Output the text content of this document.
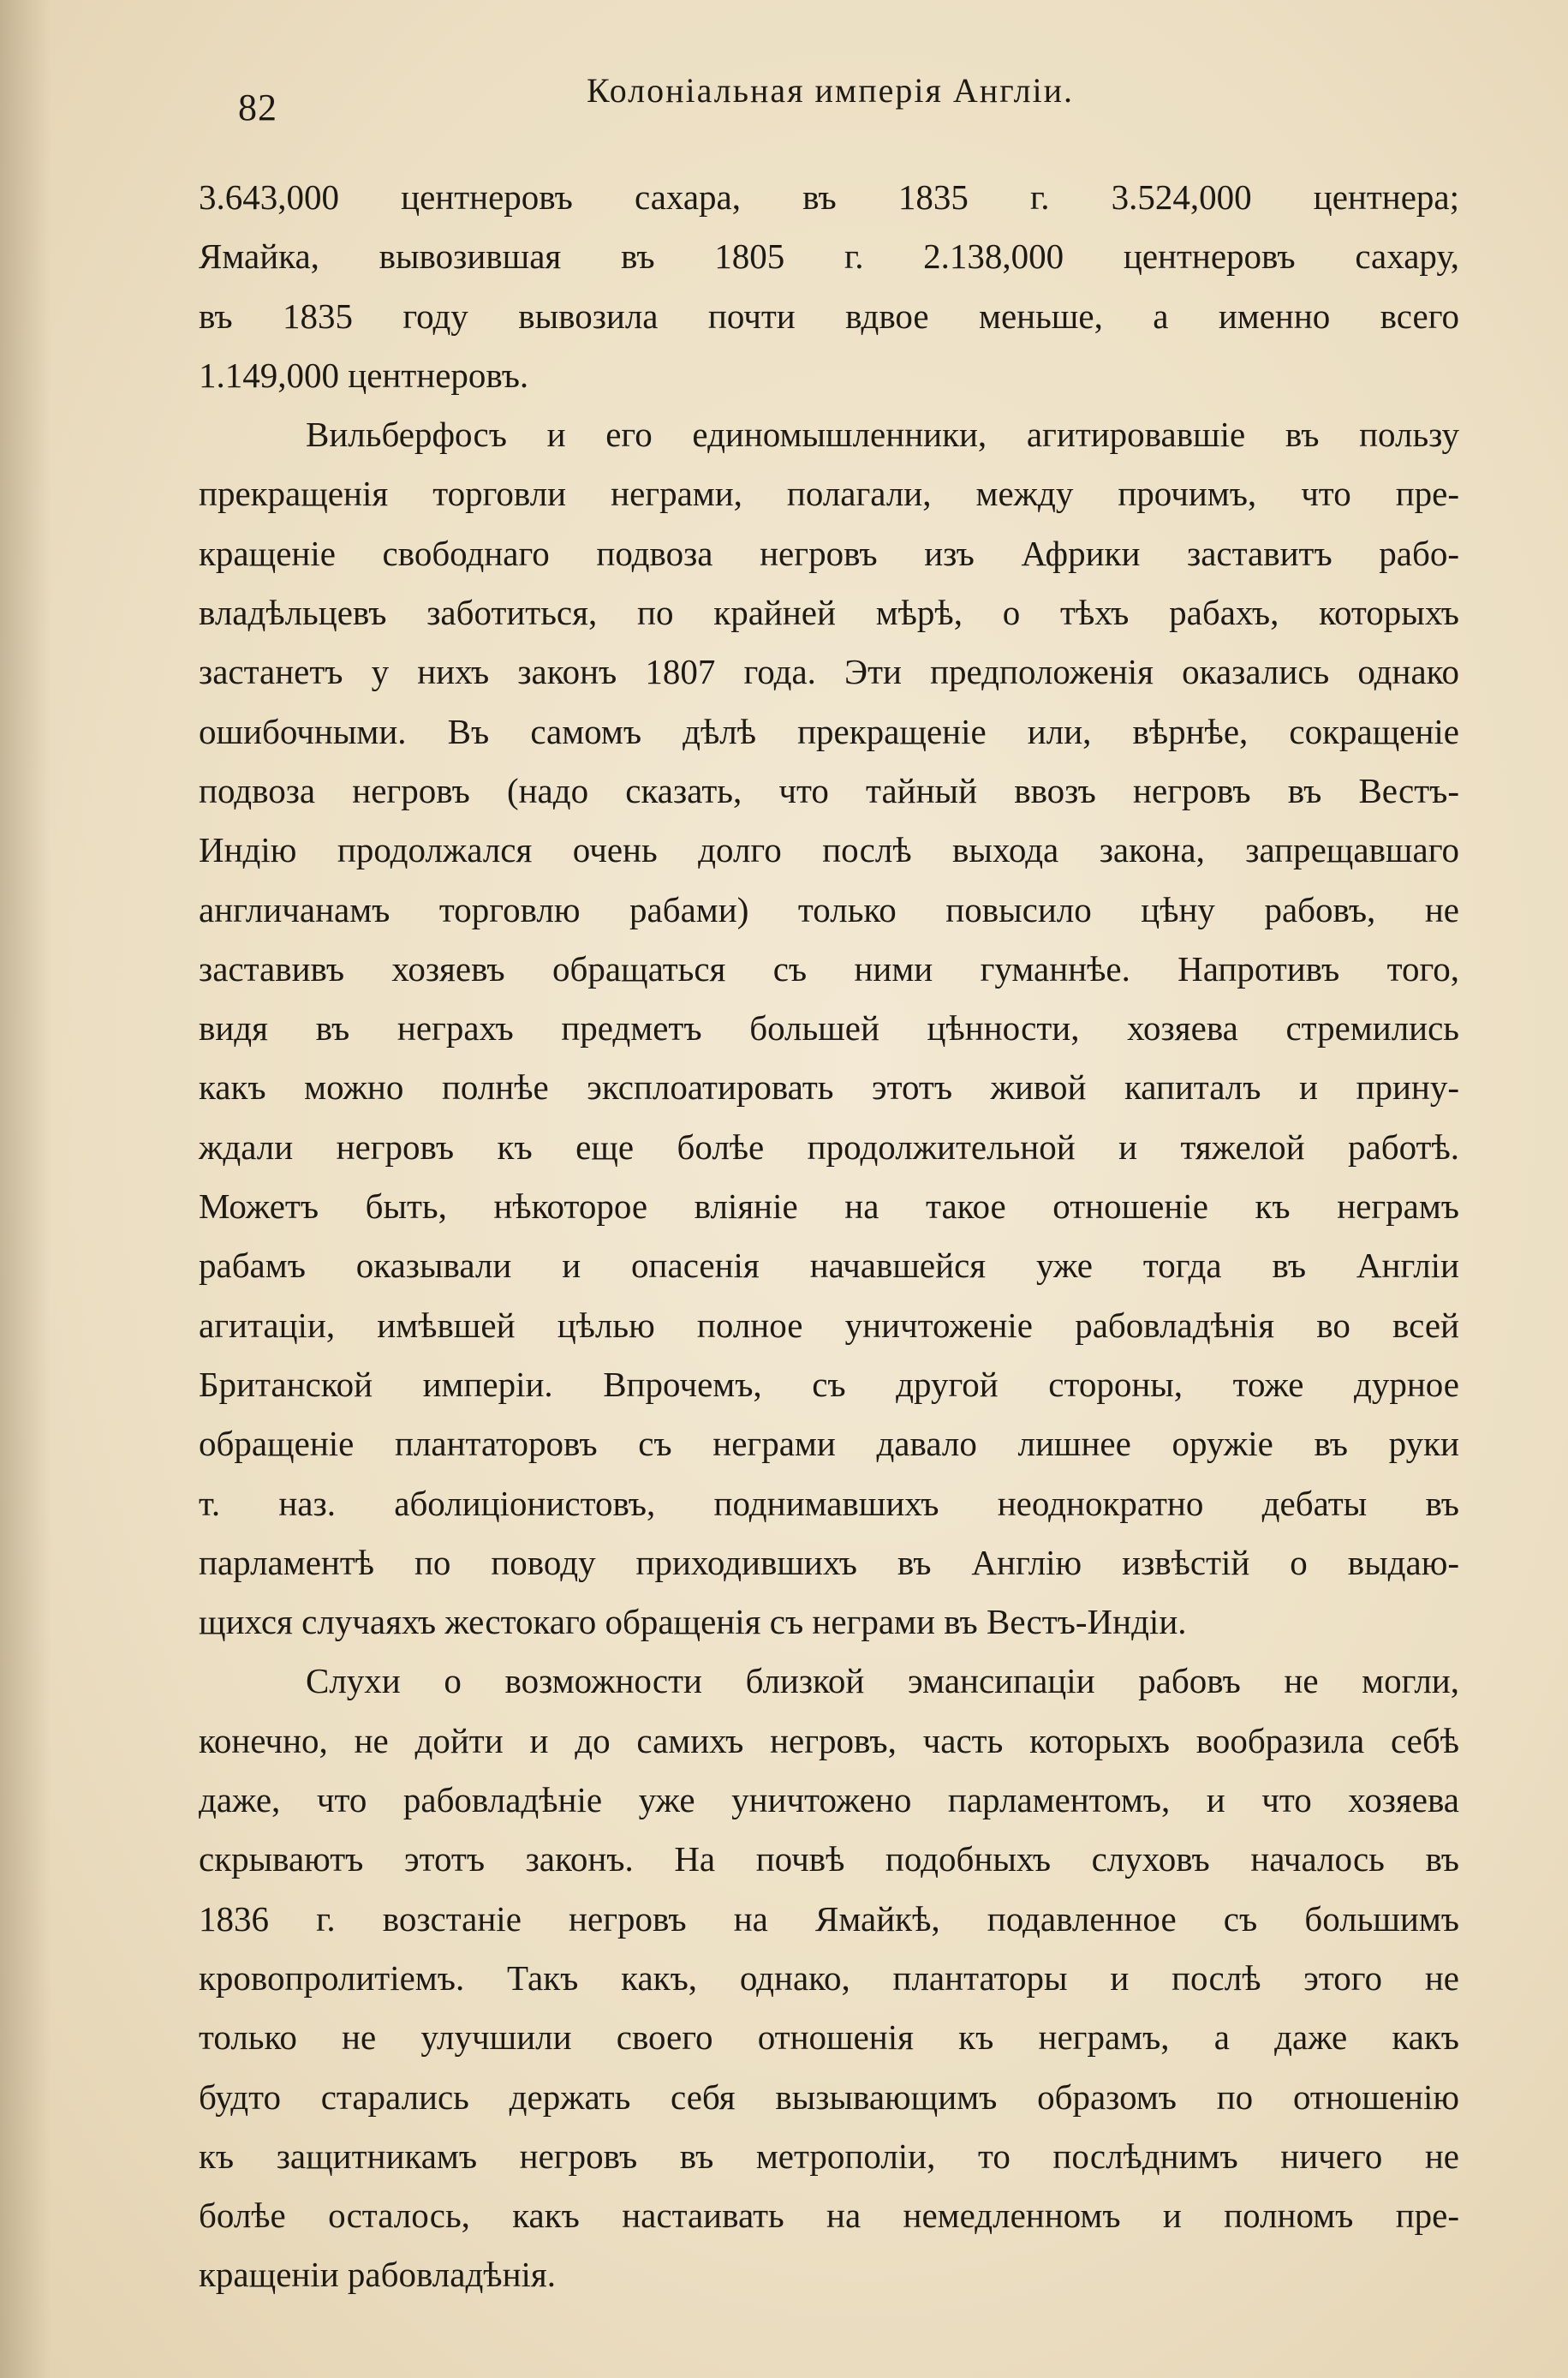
82	Колоніальная имперія Англіи.
3.643,000 центнеровъ сахара, въ 1835 г. 3.524,000 центнера;
Ямайка, вывозившая въ 1805 г. 2.138,000 центнеровъ сахару,
въ 1835 году вывозила почти вдвое меньше, а именно всего
1.149,000 центнеровъ.
Вильберфосъ и его единомышленники, агитировавшіе въ пользу
прекращенія торговли неграми, полагали, между прочимъ, что пре-
кращеніе свободнаго подвоза негровъ изъ Африки заставитъ рабо-
владѣльцевъ заботиться, по крайней мѣрѣ, о тѣхъ рабахъ, которыхъ
застанетъ у нихъ законъ 1807 года. Эти предположенія оказались однако
ошибочными. Въ самомъ дѣлѣ прекращеніе или, вѣрнѣе, сокращеніе
подвоза негровъ (надо сказать, что тайный ввозъ негровъ въ Вестъ-
Индію продолжался очень долго послѣ выхода закона, запрещавшаго
англичанамъ торговлю рабами) только повысило цѣну рабовъ, не
заставивъ хозяевъ обращаться съ ними гуманнѣе. Напротивъ того,
видя въ неграхъ предметъ большей цѣнности, хозяева стремились
какъ можно полнѣе эксплоатировать этотъ живой капиталъ и прину-
ждали негровъ къ еще болѣе продолжительной и тяжелой работѣ.
Можетъ быть, нѣкоторое вліяніе на такое отношеніе къ неграмъ
рабамъ оказывали и опасенія начавшейся уже тогда въ Англіи
агитаціи, имѣвшей цѣлью полное уничтоженіе рабовладѣнія во всей
Британской имперіи. Впрочемъ, съ другой стороны, тоже дурное
обращеніе плантаторовъ съ неграми давало лишнее оружіе въ руки
т. наз. аболиціонистовъ, поднимавшихъ неоднократно дебаты въ
парламентѣ по поводу приходившихъ въ Англію извѣстій о выдаю-
щихся случаяхъ жестокаго обращенія съ неграми въ Вестъ-Индіи.
Слухи о возможности близкой эмансипаціи рабовъ не могли,
конечно, не дойти и до самихъ негровъ, часть которыхъ вообразила себѣ
даже, что рабовладѣніе уже уничтожено парламентомъ, и что хозяева
скрываютъ этотъ законъ. На почвѣ подобныхъ слуховъ началось въ
1836 г. возстаніе негровъ на Ямайкѣ, подавленное съ большимъ
кровопролитіемъ. Такъ какъ, однако, плантаторы и послѣ этого не
только не улучшили своего отношенія къ неграмъ, а даже какъ
будто старались держать себя вызывающимъ образомъ по отношенію
къ защитникамъ негровъ въ метрополіи, то послѣднимъ ничего не
болѣе осталось, какъ настаивать на немедленномъ и полномъ пре-
кращеніи рабовладѣнія.
